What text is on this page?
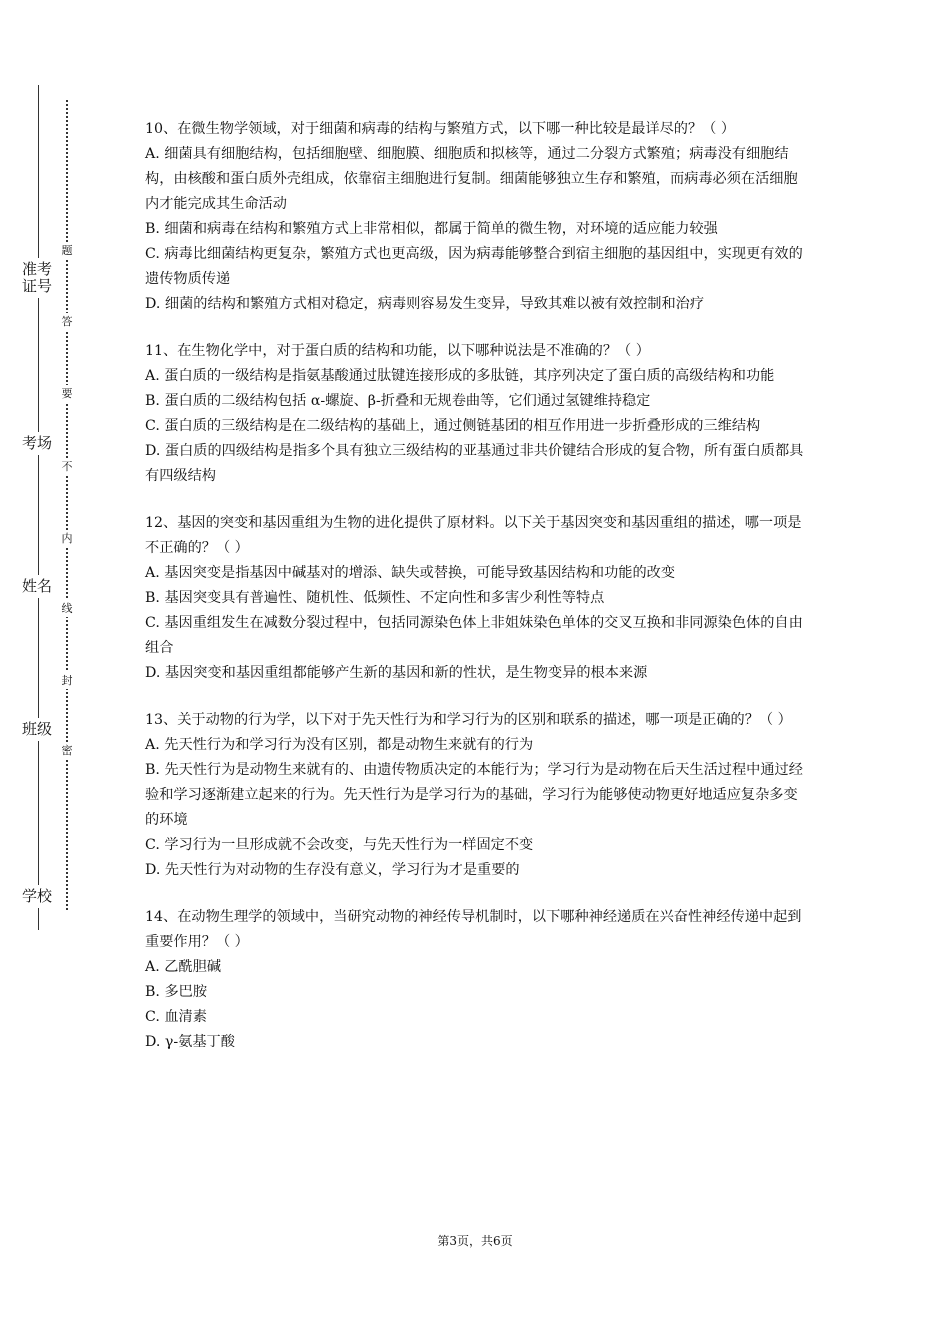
准考证号
考场
姓名
班级
学校
题
答
要
不
内
线
封
密

10、在微生物学领域，对于细菌和病毒的结构与繁殖方式，以下哪一种比较是最详尽的？（ ）

A. 细菌具有细胞结构，包括细胞壁、细胞膜、细胞质和拟核等，通过二分裂方式繁殖；病毒没有细胞结构，由核酸和蛋白质外壳组成，依靠宿主细胞进行复制。细菌能够独立生存和繁殖，而病毒必须在活细胞内才能完成其生命活动

B. 细菌和病毒在结构和繁殖方式上非常相似，都属于简单的微生物，对环境的适应能力较强

C. 病毒比细菌结构更复杂，繁殖方式也更高级，因为病毒能够整合到宿主细胞的基因组中，实现更有效的遗传物质传递

D. 细菌的结构和繁殖方式相对稳定，病毒则容易发生变异，导致其难以被有效控制和治疗

11、在生物化学中，对于蛋白质的结构和功能，以下哪种说法是不准确的？（ ）

A. 蛋白质的一级结构是指氨基酸通过肽键连接形成的多肽链，其序列决定了蛋白质的高级结构和功能

B. 蛋白质的二级结构包括 α-螺旋、β-折叠和无规卷曲等，它们通过氢键维持稳定

C. 蛋白质的三级结构是在二级结构的基础上，通过侧链基团的相互作用进一步折叠形成的三维结构

D. 蛋白质的四级结构是指多个具有独立三级结构的亚基通过非共价键结合形成的复合物，所有蛋白质都具有四级结构

12、基因的突变和基因重组为生物的进化提供了原材料。以下关于基因突变和基因重组的描述，哪一项是不正确的？（ ）

A. 基因突变是指基因中碱基对的增添、缺失或替换，可能导致基因结构和功能的改变

B. 基因突变具有普遍性、随机性、低频性、不定向性和多害少利性等特点

C. 基因重组发生在减数分裂过程中，包括同源染色体上非姐妹染色单体的交叉互换和非同源染色体的自由组合

D. 基因突变和基因重组都能够产生新的基因和新的性状，是生物变异的根本来源

13、关于动物的行为学，以下对于先天性行为和学习行为的区别和联系的描述，哪一项是正确的？（ ）

A. 先天性行为和学习行为没有区别，都是动物生来就有的行为

B. 先天性行为是动物生来就有的、由遗传物质决定的本能行为；学习行为是动物在后天生活过程中通过经验和学习逐渐建立起来的行为。先天性行为是学习行为的基础，学习行为能够使动物更好地适应复杂多变的环境

C. 学习行为一旦形成就不会改变，与先天性行为一样固定不变

D. 先天性行为对动物的生存没有意义，学习行为才是重要的

14、在动物生理学的领域中，当研究动物的神经传导机制时，以下哪种神经递质在兴奋性神经传递中起到重要作用？（ ）

A. 乙酰胆碱

B. 多巴胺

C. 血清素

D. γ-氨基丁酸

第3页，共6页
